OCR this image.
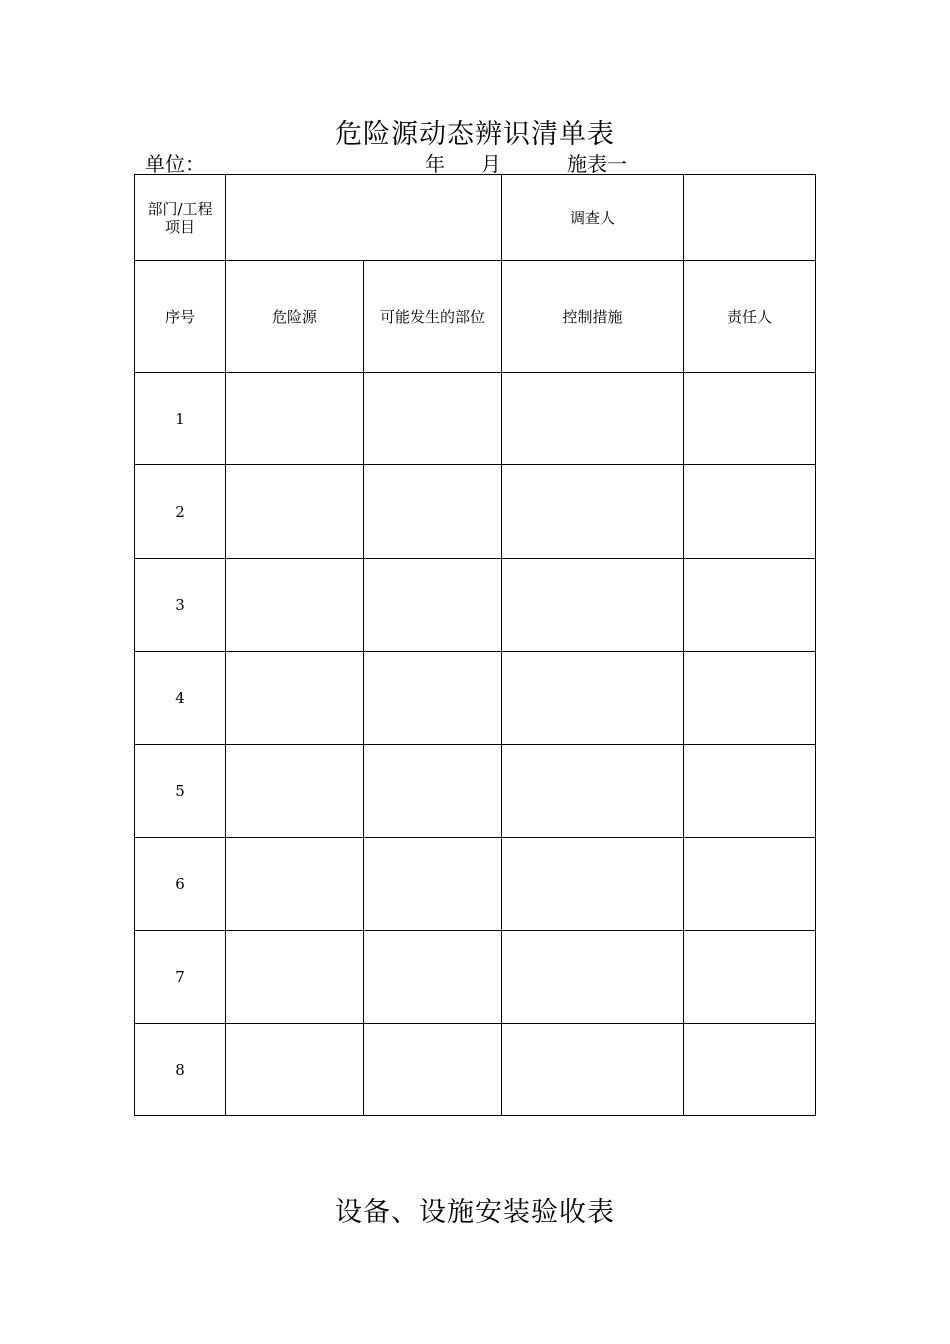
危险源动态辨识清单表
单位：	年 月	施表一
部门/工程
项目			调查人	
序号	危险源	可能发生的部位	控制措施	责任人
1				
2				
3				
4				
5				
6				
7				
8				
设备、设施安装验收表
